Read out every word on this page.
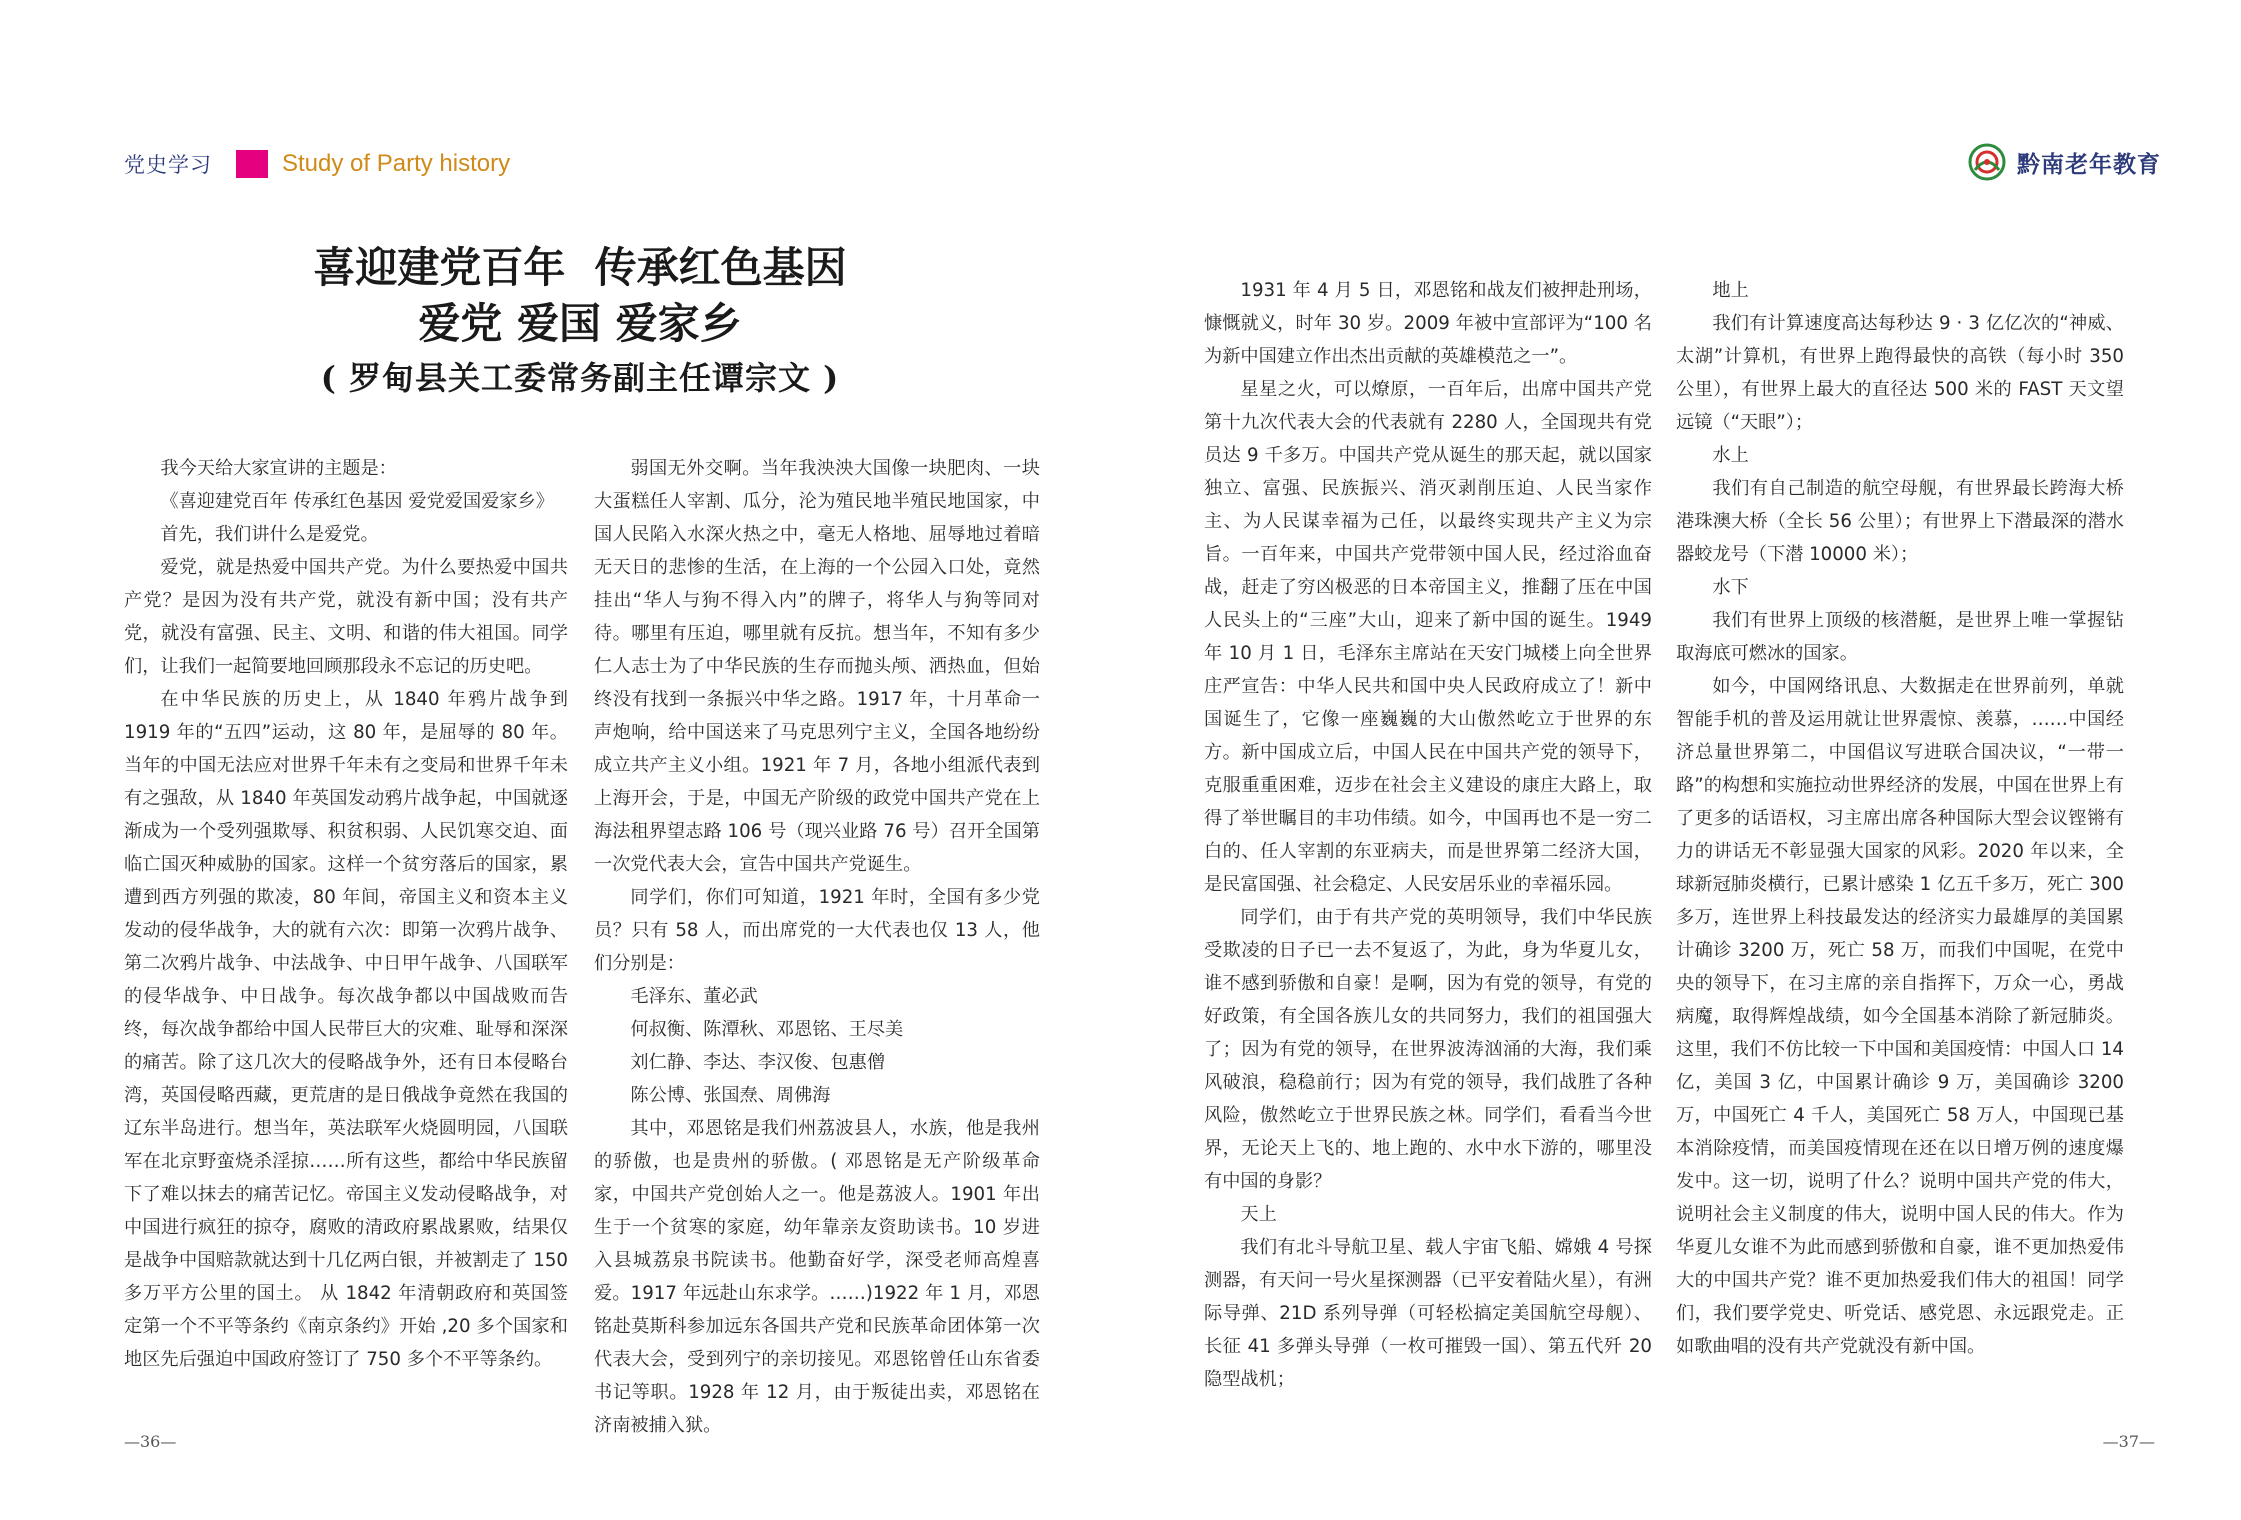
党史学习	Study of Party history
喜迎建党百年  传承红色基因
爱党 爱国 爱家乡
( 罗甸县关工委常务副主任谭宗文 )

我今天给大家宣讲的主题是：

《喜迎建党百年 传承红色基因 爱党爱国爱家乡》

首先，我们讲什么是爱党。

爱党，就是热爱中国共产党。为什么要热爱中国共产党？是因为没有共产党，就没有新中国；没有共产党，就没有富强、民主、文明、和谐的伟大祖国。同学们，让我们一起简要地回顾那段永不忘记的历史吧。

在中华民族的历史上，从 1840 年鸦片战争到 1919 年的“五四”运动，这 80 年，是屈辱的 80 年。当年的中国无法应对世界千年未有之变局和世界千年未有之强敌，从 1840 年英国发动鸦片战争起，中国就逐渐成为一个受列强欺辱、积贫积弱、人民饥寒交迫、面临亡国灭种威胁的国家。这样一个贫穷落后的国家，累遭到西方列强的欺凌，80 年间，帝国主义和资本主义发动的侵华战争，大的就有六次：即第一次鸦片战争、第二次鸦片战争、中法战争、中日甲午战争、八国联军的侵华战争、中日战争。每次战争都以中国战败而告终，每次战争都给中国人民带巨大的灾难、耻辱和深深的痛苦。除了这几次大的侵略战争外，还有日本侵略台湾，英国侵略西藏，更荒唐的是日俄战争竟然在我国的辽东半岛进行。想当年，英法联军火烧圆明园，八国联军在北京野蛮烧杀淫掠……所有这些，都给中华民族留下了难以抹去的痛苦记忆。帝国主义发动侵略战争，对中国进行疯狂的掠夺，腐败的清政府累战累败，结果仅是战争中国赔款就达到十几亿两白银，并被割走了 150 多万平方公里的国土。 从 1842 年清朝政府和英国签定第一个不平等条约《南京条约》开始 ,20 多个国家和地区先后强迫中国政府签订了 750 多个不平等条约。

弱国无外交啊。当年我泱泱大国像一块肥肉、一块大蛋糕任人宰割、瓜分，沦为殖民地半殖民地国家，中国人民陷入水深火热之中，毫无人格地、屈辱地过着暗无天日的悲惨的生活，在上海的一个公园入口处，竟然挂出“华人与狗不得入内”的牌子，将华人与狗等同对待。哪里有压迫，哪里就有反抗。想当年，不知有多少仁人志士为了中华民族的生存而抛头颅、洒热血，但始终没有找到一条振兴中华之路。1917 年，十月革命一声炮响，给中国送来了马克思列宁主义，全国各地纷纷成立共产主义小组。1921 年 7 月，各地小组派代表到上海开会，于是，中国无产阶级的政党中国共产党在上海法租界望志路 106 号（现兴业路 76 号）召开全国第一次党代表大会，宣告中国共产党诞生。

同学们，你们可知道，1921 年时，全国有多少党员？只有 58 人，而出席党的一大代表也仅 13 人，他们分别是：

毛泽东、董必武

何叔衡、陈潭秋、邓恩铭、王尽美

刘仁静、李达、李汉俊、包惠僧

陈公博、张国焘、周佛海

其中，邓恩铭是我们州荔波县人，水族，他是我州的骄傲，也是贵州的骄傲。( 邓恩铭是无产阶级革命家，中国共产党创始人之一。他是荔波人。1901 年出生于一个贫寒的家庭，幼年靠亲友资助读书。10 岁进入县城荔泉书院读书。他勤奋好学，深受老师高煌喜爱。1917 年远赴山东求学。……)1922 年 1 月，邓恩铭赴莫斯科参加远东各国共产党和民族革命团体第一次代表大会，受到列宁的亲切接见。邓恩铭曾任山东省委书记等职。1928 年 12 月，由于叛徒出卖，邓恩铭在济南被捕入狱。

—36—
黔南老年教育

1931 年 4 月 5 日，邓恩铭和战友们被押赴刑场，慷慨就义，时年 30 岁。2009 年被中宣部评为“100 名为新中国建立作出杰出贡献的英雄模范之一”。

星星之火，可以燎原，一百年后，出席中国共产党第十九次代表大会的代表就有 2280 人，全国现共有党员达 9 千多万。中国共产党从诞生的那天起，就以国家独立、富强、民族振兴、消灭剥削压迫、人民当家作主、为人民谋幸福为己任，以最终实现共产主义为宗旨。一百年来，中国共产党带领中国人民，经过浴血奋战，赶走了穷凶极恶的日本帝国主义，推翻了压在中国人民头上的“三座”大山，迎来了新中国的诞生。1949 年 10 月 1 日，毛泽东主席站在天安门城楼上向全世界庄严宣告：中华人民共和国中央人民政府成立了！新中国诞生了，它像一座巍巍的大山傲然屹立于世界的东方。新中国成立后，中国人民在中国共产党的领导下，克服重重困难，迈步在社会主义建设的康庄大路上，取得了举世瞩目的丰功伟绩。如今，中国再也不是一穷二白的、任人宰割的东亚病夫，而是世界第二经济大国，是民富国强、社会稳定、人民安居乐业的幸福乐园。

同学们，由于有共产党的英明领导，我们中华民族受欺凌的日子已一去不复返了，为此，身为华夏儿女，谁不感到骄傲和自豪！是啊，因为有党的领导，有党的好政策，有全国各族儿女的共同努力，我们的祖国强大了；因为有党的领导，在世界波涛汹涌的大海，我们乘风破浪，稳稳前行；因为有党的领导，我们战胜了各种风险，傲然屹立于世界民族之林。同学们，看看当今世界，无论天上飞的、地上跑的、水中水下游的，哪里没有中国的身影？

天上

我们有北斗导航卫星、载人宇宙飞船、嫦娥 4 号探测器，有天问一号火星探测器（已平安着陆火星），有洲际导弹、21D 系列导弹（可轻松搞定美国航空母舰）、长征 41 多弹头导弹（一枚可摧毁一国）、第五代歼 20 隐型战机；

地上

我们有计算速度高达每秒达 9 · 3 亿亿次的“神威、太湖”计算机，有世界上跑得最快的高铁（每小时 350 公里），有世界上最大的直径达 500 米的 FAST 天文望远镜（“天眼”）；

水上

我们有自己制造的航空母舰，有世界最长跨海大桥港珠澳大桥（全长 56 公里）；有世界上下潜最深的潜水器蛟龙号（下潜 10000 米）；

水下

我们有世界上顶级的核潜艇，是世界上唯一掌握钻取海底可燃冰的国家。

如今，中国网络讯息、大数据走在世界前列，单就智能手机的普及运用就让世界震惊、羡慕，……中国经济总量世界第二，中国倡议写进联合国决议，“一带一路”的构想和实施拉动世界经济的发展，中国在世界上有了更多的话语权，习主席出席各种国际大型会议铿锵有力的讲话无不彰显强大国家的风彩。2020 年以来，全球新冠肺炎横行，已累计感染 1 亿五千多万，死亡 300 多万，连世界上科技最发达的经济实力最雄厚的美国累计确诊 3200 万，死亡 58 万，而我们中国呢，在党中央的领导下，在习主席的亲自指挥下，万众一心，勇战病魔，取得辉煌战绩，如今全国基本消除了新冠肺炎。这里，我们不仿比较一下中国和美国疫情：中国人口 14 亿，美国 3 亿，中国累计确诊 9 万，美国确诊 3200 万，中国死亡 4 千人，美国死亡 58 万人，中国现已基本消除疫情，而美国疫情现在还在以日增万例的速度爆发中。这一切，说明了什么？说明中国共产党的伟大，说明社会主义制度的伟大，说明中国人民的伟大。作为华夏儿女谁不为此而感到骄傲和自豪，谁不更加热爱伟大的中国共产党？谁不更加热爱我们伟大的祖国！同学们，我们要学党史、听党话、感党恩、永远跟党走。正如歌曲唱的没有共产党就没有新中国。

—37—
